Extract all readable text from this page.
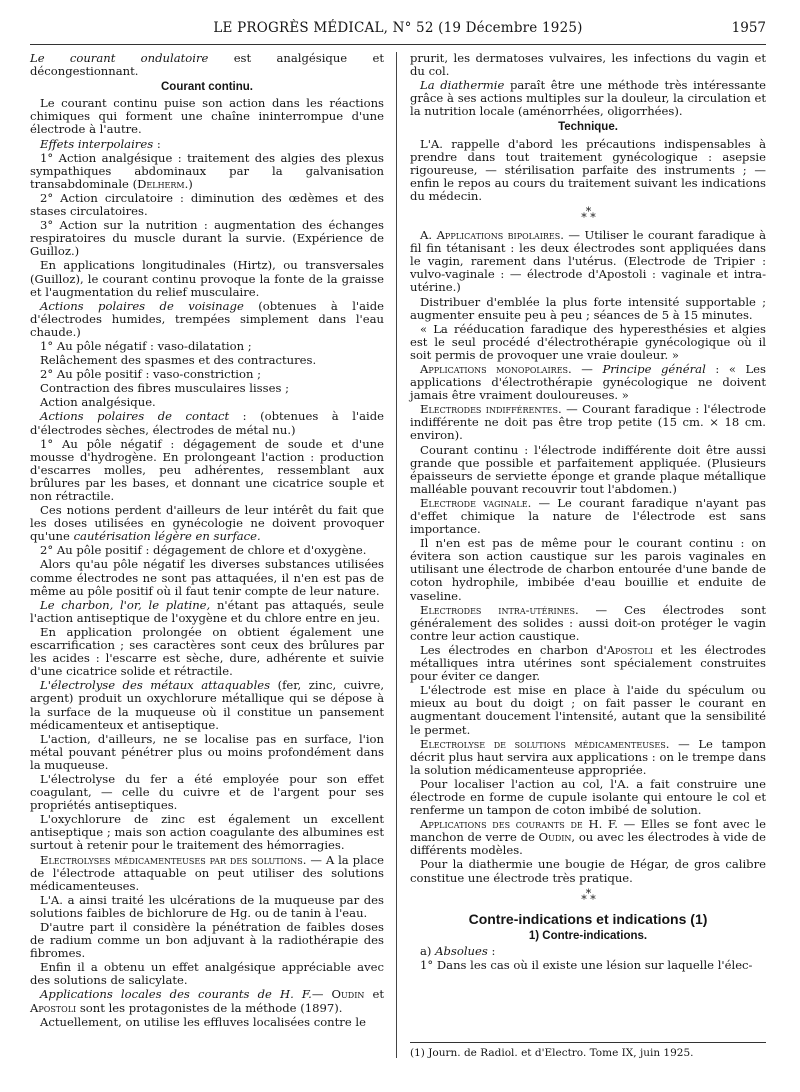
LE PROGRÈS MÉDICAL, N° 52 (19 Décembre 1925)	1957

Le courant ondulatoire est analgésique et décongestionnant.

Courant continu.

Le courant continu puise son action dans les réactions chimiques qui forment une chaîne ininterrompue d'une électrode à l'autre.

Effets interpolaires :

1° Action analgésique : traitement des algies des plexus sympathiques abdominaux par la galvanisation transabdominale (Delherm.)

2° Action circulatoire : diminution des œdèmes et des stases circulatoires.

3° Action sur la nutrition : augmentation des échanges respiratoires du muscle durant la survie. (Expérience de Guilloz.)

En applications longitudinales (Hirtz), ou transversales (Guilloz), le courant continu provoque la fonte de la graisse et l'augmentation du relief musculaire.

Actions polaires de voisinage (obtenues à l'aide d'électrodes humides, trempées simplement dans l'eau chaude.)

1° Au pôle négatif : vaso-dilatation ;

Relâchement des spasmes et des contractures.

2° Au pôle positif : vaso-constriction ;

Contraction des fibres musculaires lisses ;

Action analgésique.

Actions polaires de contact : (obtenues à l'aide d'électrodes sèches, électrodes de métal nu.)

1° Au pôle négatif : dégagement de soude et d'une mousse d'hydrogène. En prolongeant l'action : production d'escarres molles, peu adhérentes, ressemblant aux brûlures par les bases, et donnant une cicatrice souple et non rétractile.

Ces notions perdent d'ailleurs de leur intérêt du fait que les doses utilisées en gynécologie ne doivent provoquer qu'une cautérisation légère en surface.

2° Au pôle positif : dégagement de chlore et d'oxygène.

Alors qu'au pôle négatif les diverses substances utilisées comme électrodes ne sont pas attaquées, il n'en est pas de même au pôle positif où il faut tenir compte de leur nature.

Le charbon, l'or, le platine, n'étant pas attaqués, seule l'action antiseptique de l'oxygène et du chlore entre en jeu.

En application prolongée on obtient également une escarrification ; ses caractères sont ceux des brûlures par les acides : l'escarre est sèche, dure, adhérente et suivie d'une cicatrice solide et rétractile.

L'électrolyse des métaux attaquables (fer, zinc, cuivre, argent) produit un oxychlorure métallique qui se dépose à la surface de la muqueuse où il constitue un pansement médicamenteux et antiseptique.

L'action, d'ailleurs, ne se localise pas en surface, l'ion métal pouvant pénétrer plus ou moins profondément dans la muqueuse.

L'électrolyse du fer a été employée pour son effet coagulant, — celle du cuivre et de l'argent pour ses propriétés antiseptiques.

L'oxychlorure de zinc est également un excellent antiseptique ; mais son action coagulante des albumines est surtout à retenir pour le traitement des hémorragies.

Electrolyses médicamenteuses par des solutions. — A la place de l'électrode attaquable on peut utiliser des solutions médicamenteuses.

L'A. a ainsi traité les ulcérations de la muqueuse par des solutions faibles de bichlorure de Hg. ou de tanin à l'eau.

D'autre part il considère la pénétration de faibles doses de radium comme un bon adjuvant à la radiothérapie des fibromes.

Enfin il a obtenu un effet analgésique appréciable avec des solutions de salicylate.

Applications locales des courants de H. F.— Oudin et Apostoli sont les protagonistes de la méthode (1897).

Actuellement, on utilise les effluves localisées contre le

prurit, les dermatoses vulvaires, les infections du vagin et du col.

La diathermie paraît être une méthode très intéressante grâce à ses actions multiples sur la douleur, la circulation et la nutrition locale (aménorrhées, oligorrhées).

Technique.

L'A. rappelle d'abord les précautions indispensables à prendre dans tout traitement gynécologique : asepsie rigoureuse, — stérilisation parfaite des instruments ; — enfin le repos au cours du traitement suivant les indications du médecin.

***

A. Applications bipolaires. — Utiliser le courant faradique à fil fin tétanisant : les deux électrodes sont appliquées dans le vagin, rarement dans l'utérus. (Electrode de Tripier : vulvo-vaginale : — électrode d'Apostoli : vaginale et intra-utérine.)

Distribuer d'emblée la plus forte intensité supportable ; augmenter ensuite peu à peu ; séances de 5 à 15 minutes.

« La rééducation faradique des hyperesthésies et algies est le seul procédé d'électrothérapie gynécologique où il soit permis de provoquer une vraie douleur. »

Applications monopolaires. — Principe général : « Les applications d'électrothérapie gynécologique ne doivent jamais être vraiment douloureuses. »

Electrodes indifférentes. — Courant faradique : l'électrode indifférente ne doit pas être trop petite (15 cm. × 18 cm. environ).

Courant continu : l'électrode indifférente doit être aussi grande que possible et parfaitement appliquée. (Plusieurs épaisseurs de serviette éponge et grande plaque métallique malléable pouvant recouvrir tout l'abdomen.)

Electrode vaginale. — Le courant faradique n'ayant pas d'effet chimique la nature de l'électrode est sans importance.

Il n'en est pas de même pour le courant continu : on évitera son action caustique sur les parois vaginales en utilisant une électrode de charbon entourée d'une bande de coton hydrophile, imbibée d'eau bouillie et enduite de vaseline.

Electrodes intra-utérines. — Ces électrodes sont généralement des solides : aussi doit-on protéger le vagin contre leur action caustique.

Les électrodes en charbon d'Apostoli et les électrodes métalliques intra utérines sont spécialement construites pour éviter ce danger.

L'électrode est mise en place à l'aide du spéculum ou mieux au bout du doigt ; on fait passer le courant en augmentant doucement l'intensité, autant que la sensibilité le permet.

Electrolyse de solutions médicamenteuses. — Le tampon décrit plus haut servira aux applications : on le trempe dans la solution médicamenteuse appropriée.

Pour localiser l'action au col, l'A. a fait construire une électrode en forme de cupule isolante qui entoure le col et renferme un tampon de coton imbibé de solution.

Applications des courants de H. F. — Elles se font avec le manchon de verre de Oudin, ou avec les électrodes à vide de différents modèles.

Pour la diathermie une bougie de Hégar, de gros calibre constitue une électrode très pratique.

***
Contre-indications et indications (1)
1) Contre-indications.

a) Absolues :

1° Dans les cas où il existe une lésion sur laquelle l'élec-

(1) Journ. de Radiol. et d'Electro. Tome IX, juin 1925.
